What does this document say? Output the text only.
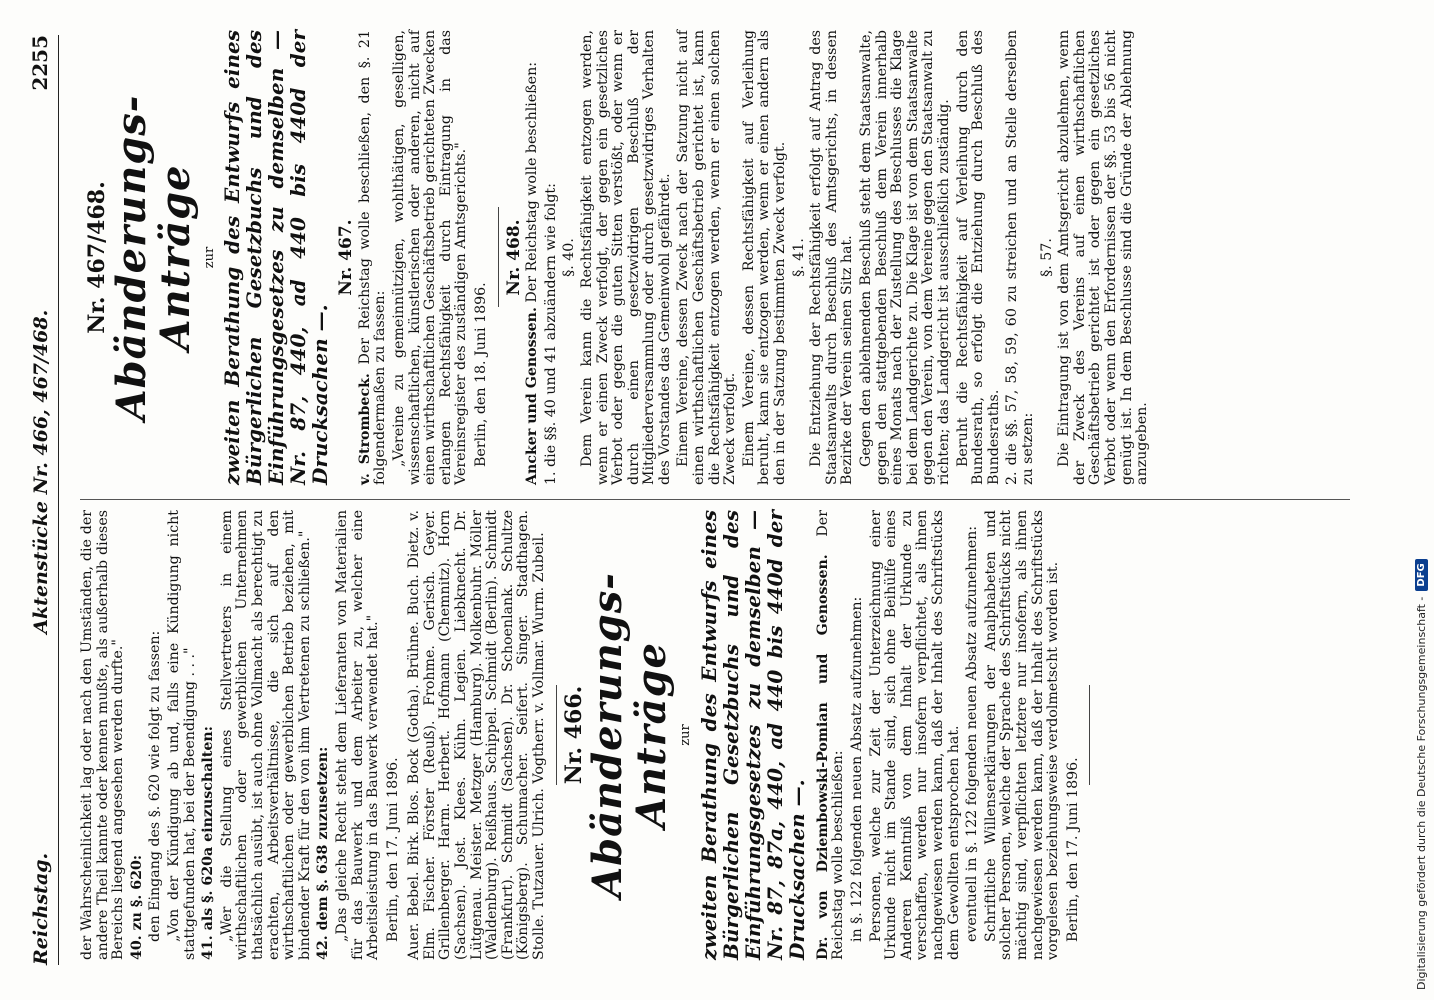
Reichstag.
Aktenstücke Nr. 466, 467/468.
2255

der Wahrscheinlichkeit lag oder nach den Umständen, die der andere Theil kannte oder kennen mußte, als außerhalb dieses Bereichs liegend angesehen werden durfte." 40. zu §. 620: den Eingang des §. 620 wie folgt zu fassen: „Von der Kündigung ab und, falls eine Kündigung nicht stattgefunden hat, bei der Beendigung . . ." 41. als §. 620a einzuschalten: „Wer die Stellung eines Stellvertreters in einem wirthschaftlichen oder gewerblichen Unternehmen thatsächlich ausübt, ist auch ohne Vollmacht als berechtigt zu erachten, Arbeitsverhältnisse, die sich auf den wirthschaftlichen oder gewerblichen Betrieb beziehen, mit bindender Kraft für den von ihm Vertretenen zu schließen." 42. dem §. 638 zuzusetzen: „Das gleiche Recht steht dem Lieferanten von Materialien für das Bauwerk und dem Arbeiter zu, welcher eine Arbeitsleistung in das Bauwerk verwendet hat." Berlin, den 17. Juni 1896. Auer. Bebel. Birk. Blos. Bock (Gotha). Brühne. Buch. Dietz. v. Elm. Fischer. Förster (Reuß). Frohme. Gerisch. Geyer. Grillenberger. Harm. Herbert. Hofmann (Chemnitz). Horn (Sachsen). Jost. Klees. Kühn. Legien. Liebknecht. Dr. Lütgenau. Meister. Metzger (Hamburg). Molkenbuhr. Möller (Waldenburg). Reißhaus. Schippel. Schmidt (Berlin). Schmidt (Frankfurt). Schmidt (Sachsen). Dr. Schoenlank. Schultze (Königsberg). Schumacher. Seifert. Singer. Stadthagen. Stolle. Tutzauer. Ulrich. Vogtherr. v. Vollmar. Wurm. Zubeil. Nr. 466.

Abänderungs-Anträge zur zweiten Berathung des Entwurfs eines Bürgerlichen Gesetzbuchs und des Einführungsgesetzes zu demselben — Nr. 87, 87a, 440, ad 440 bis 440d der Drucksachen —. Dr. von Dziembowski-Pomian und Genossen. Der Reichstag wolle beschließen: in §. 122 folgenden neuen Absatz aufzunehmen: Personen, welche zur Zeit der Unterzeichnung einer Urkunde nicht im Stande sind, sich ohne Beihülfe eines Anderen Kenntniß von dem Inhalt der Urkunde zu verschaffen, werden nur insofern verpflichtet, als ihnen nachgewiesen werden kann, daß der Inhalt des Schriftstücks dem Gewollten entsprochen hat. eventuell in §. 122 folgenden neuen Absatz aufzunehmen: Schriftliche Willenserklärungen der Analphabeten und solcher Personen, welche der Sprache des Schriftstücks nicht mächtig sind, verpflichten letztere nur insofern, als ihnen nachgewiesen werden kann, daß der Inhalt des Schriftstücks vorgelesen beziehungsweise verdolmetscht worden ist. Berlin, den 17. Juni 1896.

Nr. 467/468.

Abänderungs-Anträge zur zweiten Berathung des Entwurfs eines Bürgerlichen Gesetzbuchs und des Einführungsgesetzes zu demselben — Nr. 87, 440, ad 440 bis 440d der Drucksachen —.

Nr. 467.

v. Strombeck. Der Reichstag wolle beschließen, den §. 21 folgendermaßen zu fassen: „Vereine zu gemeinnützigen, wohlthätigen, geselligen, wissenschaftlichen, künstlerischen oder anderen, nicht auf einen wirthschaftlichen Geschäftsbetrieb gerichteten Zwecken erlangen Rechtsfähigkeit durch Eintragung in das Vereinsregister des zuständigen Amtsgerichts." Berlin, den 18. Juni 1896.

Nr. 468.

Ancker und Genossen. Der Reichstag wolle beschließen:

1. die §§. 40 und 41 abzuändern wie folgt: §. 40. Dem Verein kann die Rechtsfähigkeit entzogen werden, wenn er einen Zweck verfolgt, der gegen ein gesetzliches Verbot oder gegen die guten Sitten verstößt, oder wenn er durch einen gesetzwidrigen Beschluß der Mitgliederversammlung oder durch gesetzwidriges Verhalten des Vorstandes das Gemeinwohl gefährdet. Einem Vereine, dessen Zweck nach der Satzung nicht auf einen wirthschaftlichen Geschäftsbetrieb gerichtet ist, kann die Rechtsfähigkeit entzogen werden, wenn er einen solchen Zweck verfolgt. Einem Vereine, dessen Rechtsfähigkeit auf Verleihung beruht, kann sie entzogen werden, wenn er einen andern als den in der Satzung bestimmten Zweck verfolgt. §. 41. Die Entziehung der Rechtsfähigkeit erfolgt auf Antrag des Staatsanwalts durch Beschluß des Amtsgerichts, in dessen Bezirke der Verein seinen Sitz hat. Gegen den ablehnenden Beschluß steht dem Staatsanwalte, gegen den stattgebenden Beschluß dem Verein innerhalb eines Monats nach der Zustellung des Beschlusses die Klage bei dem Landgerichte zu. Die Klage ist von dem Staatsanwalte gegen den Verein, von dem Vereine gegen den Staatsanwalt zu richten; das Landgericht ist ausschließlich zuständig. Beruht die Rechtsfähigkeit auf Verleihung durch den Bundesrath, so erfolgt die Entziehung durch Beschluß des Bundesraths. 2. die §§. 57, 58, 59, 60 zu streichen und an Stelle derselben zu setzen:

§. 57. Die Eintragung ist von dem Amtsgericht abzulehnen, wenn der Zweck des Vereins auf einen wirthschaftlichen Geschäftsbetrieb gerichtet ist oder gegen ein gesetzliches Verbot oder wenn den Erfordernissen der §§. 53 bis 56 nicht genügt ist. In dem Beschlusse sind die Gründe der Ablehnung anzugeben.

Digitalisierung gefördert durch die Deutsche Forschungsgemeinschaft -
DFG
